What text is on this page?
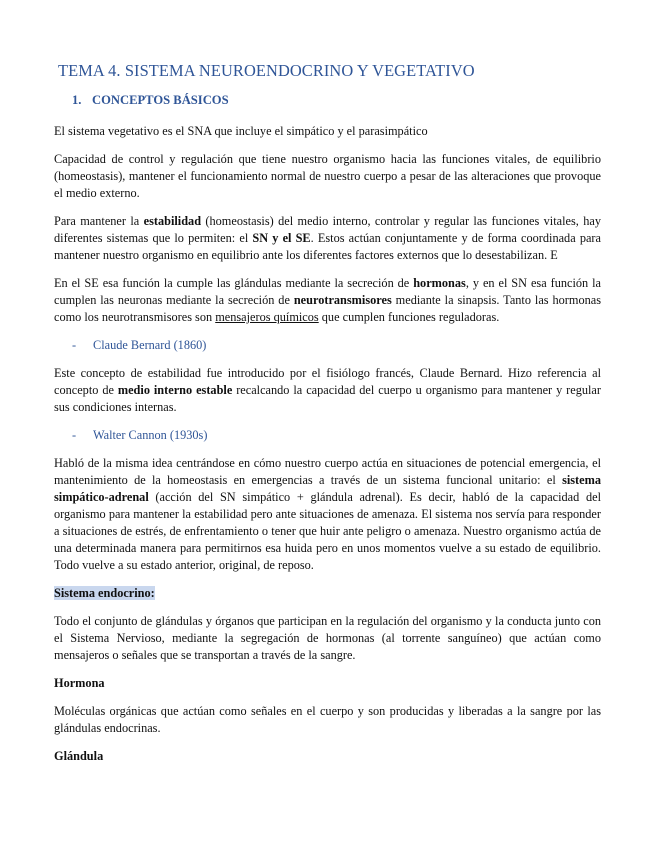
TEMA 4. SISTEMA NEUROENDOCRINO Y VEGETATIVO
1. CONCEPTOS BÁSICOS

El sistema vegetativo es el SNA que incluye el simpático y el parasimpático

Capacidad de control y regulación que tiene nuestro organismo hacia las funciones vitales, de equilibrio (homeostasis), mantener el funcionamiento normal de nuestro cuerpo a pesar de las alteraciones que provoque el medio externo.

Para mantener la estabilidad (homeostasis) del medio interno, controlar y regular las funciones vitales, hay diferentes sistemas que lo permiten: el SN y el SE. Estos actúan conjuntamente y de forma coordinada para mantener nuestro organismo en equilibrio ante los diferentes factores externos que lo desestabilizan. E

En el SE esa función la cumple las glándulas mediante la secreción de hormonas, y en el SN esa función la cumplen las neuronas mediante la secreción de neurotransmisores mediante la sinapsis. Tanto las hormonas como los neurotransmisores son mensajeros químicos que cumplen funciones reguladoras.

- Claude Bernard (1860)

Este concepto de estabilidad fue introducido por el fisiólogo francés, Claude Bernard. Hizo referencia al concepto de medio interno estable recalcando la capacidad del cuerpo u organismo para mantener y regular sus condiciones internas.

- Walter Cannon (1930s)

Habló de la misma idea centrándose en cómo nuestro cuerpo actúa en situaciones de potencial emergencia, el mantenimiento de la homeostasis en emergencias a través de un sistema funcional unitario: el sistema simpático-adrenal (acción del SN simpático + glándula adrenal). Es decir, habló de la capacidad del organismo para mantener la estabilidad pero ante situaciones de amenaza. El sistema nos servía para responder a situaciones de estrés, de enfrentamiento o tener que huir ante peligro o amenaza. Nuestro organismo actúa de una determinada manera para permitirnos esa huida pero en unos momentos vuelve a su estado de equilibrio. Todo vuelve a su estado anterior, original, de reposo.

Sistema endocrino:

Todo el conjunto de glándulas y órganos que participan en la regulación del organismo y la conducta junto con el Sistema Nervioso, mediante la segregación de hormonas (al torrente sanguíneo) que actúan como mensajeros o señales que se transportan a través de la sangre.

Hormona

Moléculas orgánicas que actúan como señales en el cuerpo y son producidas y liberadas a la sangre por las glándulas endocrinas.

Glándula
